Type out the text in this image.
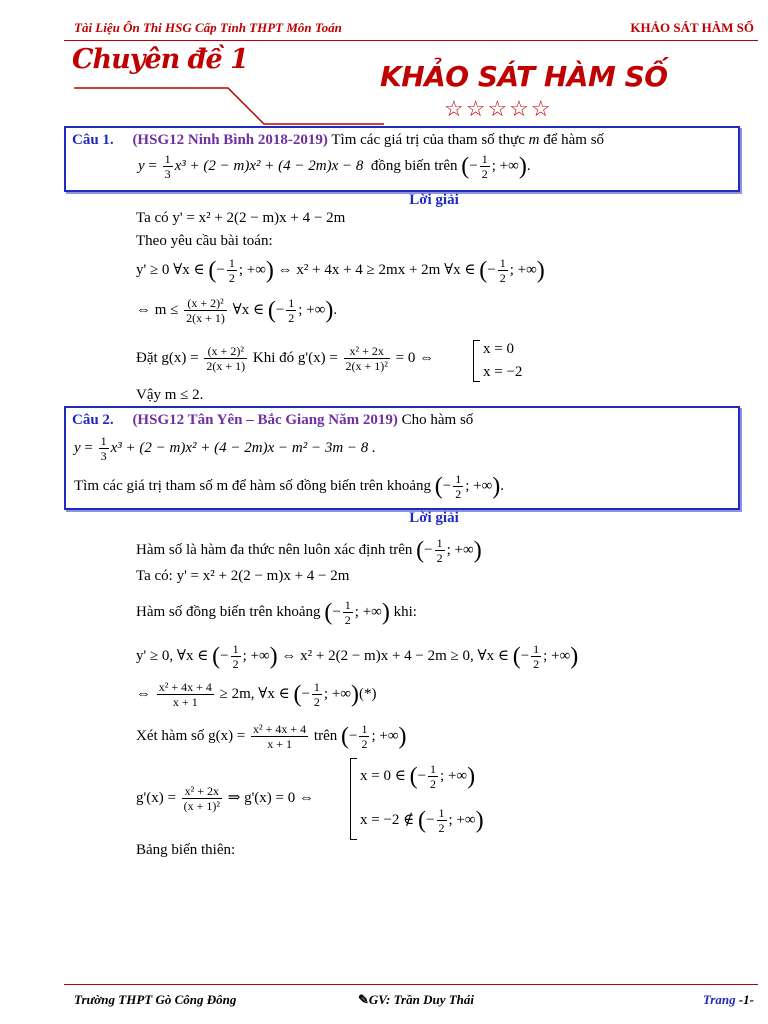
Tài Liệu Ôn Thi HSG Cấp Tỉnh THPT Môn Toán	KHẢO SÁT HÀM SỐ
Chuyên đề 1
KHẢO SÁT HÀM SỐ
☆☆☆☆☆
Câu 1. (HSG12 Ninh Bình 2018-2019) Tìm các giá trị của tham số thực m để hàm số
$y = \frac{1}{3} x^3 + (2 - m)x^2 + (4 - 2m)x - 8$ đồng biến trên (− $\frac{1}{2}$ ; +∞).
Lời giải
Ta có y' = x² + 2(2 − m)x + 4 − 2m
Theo yêu cầu bài toán:
y' ≥ 0 ∀x ∈ (− $\frac{1}{2}$ ; +∞) ⇔ x² + 4x + 4 ≥ 2mx + 2m ∀x ∈ (− $\frac{1}{2}$ ; +∞)
⇔ $m \le \frac{\text{(x + 2)²}}{2(x + 1)}$ ∀x ∈ (− $\frac{1}{2}$ ; +∞).
Đặt $g(x) = \frac{\text{(x + 2)²}}{2(x + 1)}$ Khi đó $g'(x) = \frac{\text{x² + 2x}}{\text{2(x + 1)²}} = 0$ ⇔
x = 0
x = −2
Vậy m ≤ 2.
Câu 2. (HSG12 Tân Yên – Bắc Giang Năm 2019) Cho hàm số
$y = \frac{1}{3} x^3 + (2 - m)x^2 + (4 - 2m)x - m^2 - 3m - 8$ .
Tìm các giá trị tham số m để hàm số đồng biến trên khoảng (− $\frac{1}{2}$ ; +∞).
Lời giải
Hàm số là hàm đa thức nên luôn xác định trên (− $\frac{1}{2}$ ; +∞)
Ta có: y' = x² + 2(2 − m)x + 4 − 2m
Hàm số đồng biến trên khoảng (− $\frac{1}{2}$ ; +∞) khi:
y' ≥ 0, ∀x ∈ (− $\frac{1}{2}$ ; +∞) ⇔ x² + 2(2 − m)x + 4 − 2m ≥ 0, ∀x ∈ (− $\frac{1}{2}$ ; +∞)
⇔ $\frac{\text{x² + 4x + 4}}{x + 1} \ge 2m$, ∀x ∈ (− $\frac{1}{2}$ ; +∞)(*)
Xét hàm số $g(x) = \frac{\text{x² + 4x + 4}}{x + 1}$ trên (− $\frac{1}{2}$ ; +∞)
$g'(x) = \frac{\text{x² + 2x}}{\text{(x + 1)²}}$ ⇒ g'(x) = 0 ⇔
x = 0 ∈ (− $\frac{1}{2}$ ; +∞)
x = −2 ∉ (− $\frac{1}{2}$ ; +∞)
Bảng biến thiên:
Trường THPT Gò Công Đông	✎GV: Trần Duy Thái	Trang -1-
